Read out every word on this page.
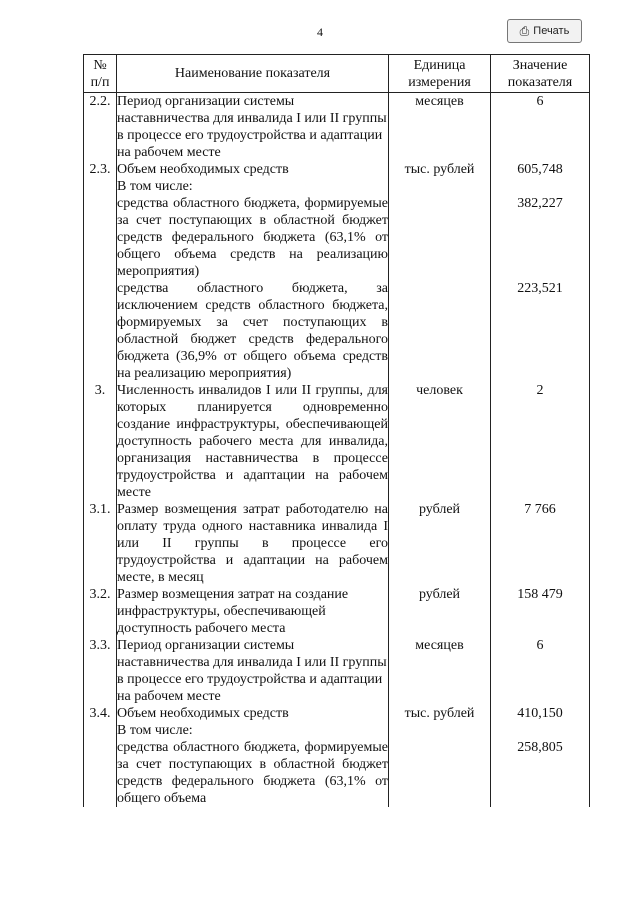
4	⎙ Печать
№ п/п	Наименование показателя	Единица измерения	Значение показателя
2.2.	Период организации системы наставничества для инвалида I или II группы в процессе его трудоустройства и адаптации на рабочем месте	месяцев	6
2.3.	Объем необходимых средств	тыс. рублей	605,748
	В том числе:		
	средства областного бюджета, формируемые за счет поступающих в областной бюджет средств федерального бюджета (63,1% от общего объема средств на реализацию мероприятия)		382,227
	средства областного бюджета, за исключением средств областного бюджета, формируемых за счет поступающих в областной бюджет средств федерального бюджета (36,9% от общего объема средств на реализацию мероприятия)		223,521
3.	Численность инвалидов I или II группы, для которых планируется одновременно создание инфраструктуры, обеспечивающей доступность рабочего места для инвалида, организация наставничества в процессе трудоустройства и адаптации на рабочем месте	человек	2
3.1.	Размер возмещения затрат работодателю на оплату труда одного наставника инвалида I или II группы в процессе его трудоустройства и адаптации на рабочем месте, в месяц	рублей	7 766
3.2.	Размер возмещения затрат на создание инфраструктуры, обеспечивающей доступность рабочего места	рублей	158 479
3.3.	Период организации системы наставничества для инвалида I или II группы в процессе его трудоустройства и адаптации на рабочем месте	месяцев	6
3.4.	Объем необходимых средств	тыс. рублей	410,150
	В том числе:		
	средства областного бюджета, формируемые за счет поступающих в областной бюджет средств федерального бюджета (63,1% от общего объема		258,805
